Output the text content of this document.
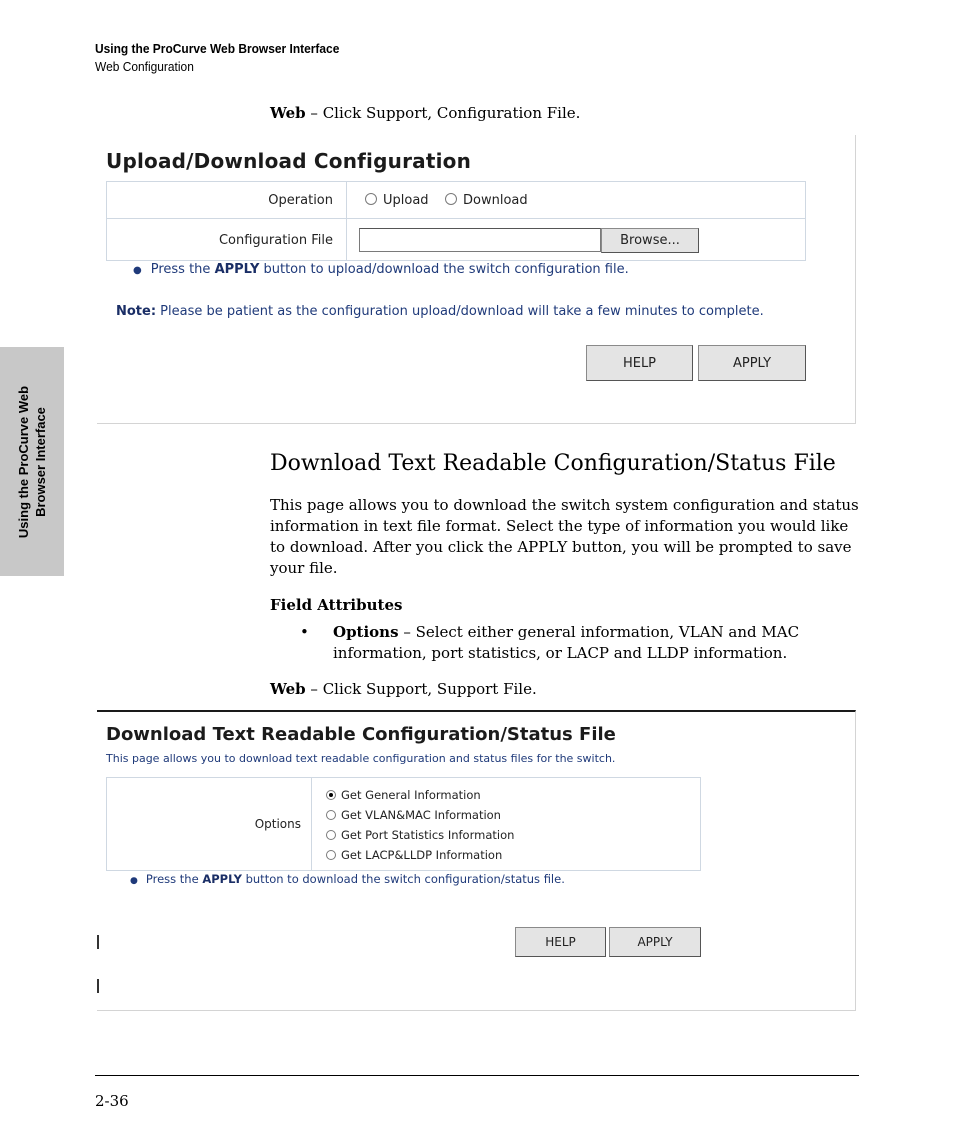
Using the ProCurve Web Browser Interface
Web Configuration
Using the ProCurve Web Browser Interface
Web – Click Support, Configuration File.
Upload/Download Configuration
Operation	Upload	Download
Configuration File	Browse...
● Press the APPLY button to upload/download the switch configuration file.
Note: Please be patient as the configuration upload/download will take a few minutes to complete.
HELP	APPLY
Download Text Readable Configuration/Status File
This page allows you to download the switch system configuration and status information in text file format. Select the type of information you would like to download. After you click the APPLY button, you will be prompted to save your file.
Field Attributes
• Options – Select either general information, VLAN and MAC information, port statistics, or LACP and LLDP information.
Web – Click Support, Support File.
Download Text Readable Configuration/Status File
This page allows you to download text readable configuration and status files for the switch.
Options
Get General Information
Get VLAN&MAC Information
Get Port Statistics Information
Get LACP&LLDP Information
● Press the APPLY button to download the switch configuration/status file.
HELP	APPLY
2-36
